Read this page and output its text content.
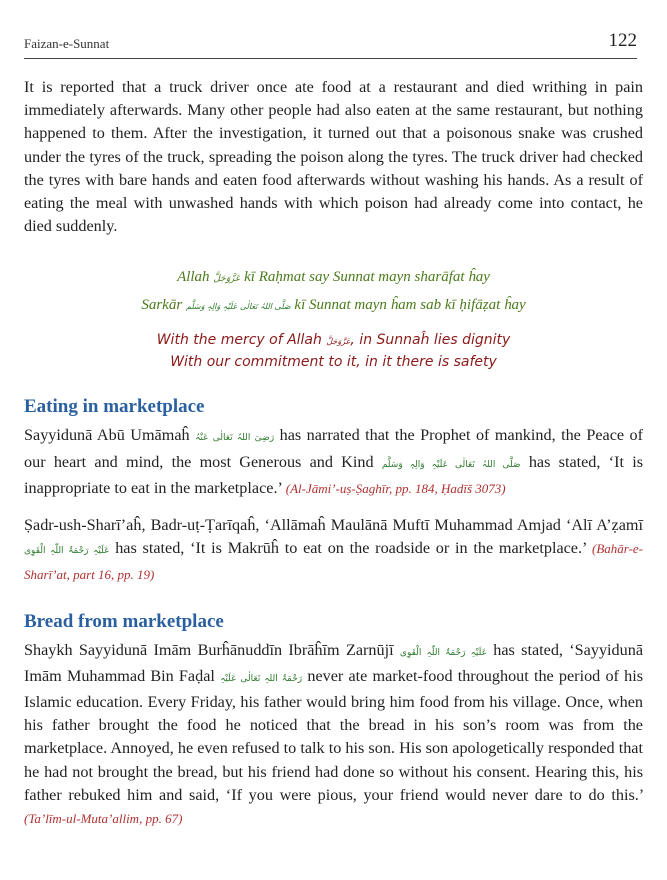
Faizan-e-Sunnat	122

It is reported that a truck driver once ate food at a restaurant and died writhing in pain immediately afterwards. Many other people had also eaten at the same restaurant, but nothing happened to them. After the investigation, it turned out that a poisonous snake was crushed under the tyres of the truck, spreading the poison along the tyres. The truck driver had checked the tyres with bare hands and eaten food afterwards without washing his hands. As a result of eating the meal with unwashed hands with which poison had already come into contact, he died suddenly.

Allah عَزَّوَجَلَّ kī Raḥmat say Sunnat mayn sharāfat ĥay
Sarkār صَلَّی اللہُ تَعَالٰی عَلَیْہِ وَالِہٖ وَسَلَّم kī Sunnat mayn ĥam sab kī ḥifāẓat ĥay
With the mercy of Allah عَزَّوَجَلَّ, in Sunnaĥ lies dignity
With our commitment to it, in it there is safety
Eating in marketplace

Sayyidunā Abū Umāmaĥ رَضِیَ اللہُ تَعَالٰی عَنْہُ has narrated that the Prophet of mankind, the Peace of our heart and mind, the most Generous and Kind صَلَّی اللہُ تَعَالٰی عَلَیْہِ وَالِہٖ وَسَلَّم has stated, ‘It is inappropriate to eat in the marketplace.’ (Al-Jāmi’-uṣ-Ṣaghīr, pp. 184, Ḥadīš 3073)

Ṣadr-ush-Sharī’aĥ, Badr-uṭ-Ṭarīqaĥ, ‘Allāmaĥ Maulānā Muftī Muhammad Amjad ‘Alī A’ẓamī عَلَیْہِ رَحْمَۃُ اللّٰہِ الْقَوِی has stated, ‘It is Makrūĥ to eat on the roadside or in the marketplace.’ (Bahār-e-Sharī’at, part 16, pp. 19)

Bread from marketplace

Shaykh Sayyidunā Imām Burĥānuddīn Ibrāĥīm Zarnūjī عَلَیْہِ رَحْمَۃُ اللّٰہِ الْقَوِی has stated, ‘Sayyidunā Imām Muhammad Bin Faḍal رَحْمَۃُ اللہِ تَعَالٰی عَلَیْہِ never ate market-food throughout the period of his Islamic education. Every Friday, his father would bring him food from his village. Once, when his father brought the food he noticed that the bread in his son’s room was from the marketplace. Annoyed, he even refused to talk to his son. His son apologetically responded that he had not brought the bread, but his friend had done so without his consent. Hearing this, his father rebuked him and said, ‘If you were pious, your friend would never dare to do this.’ (Ta’līm-ul-Muta’allim, pp. 67)
